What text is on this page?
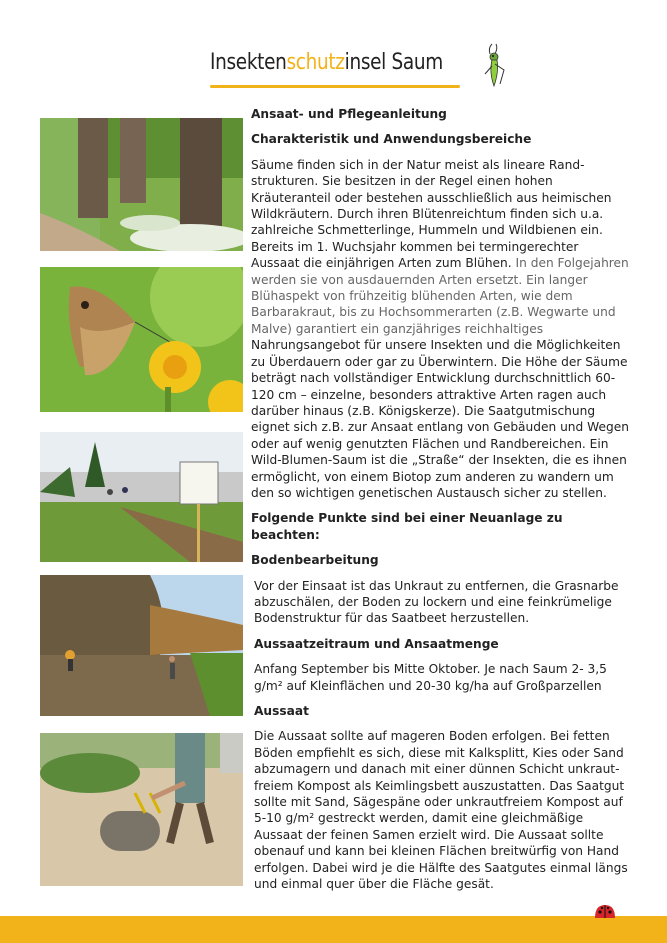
Insektenschutzinsel Saum

Ansaat- und Pflegeanleitung

Charakteristik und Anwendungsbereiche

Säume finden sich in der Natur meist als lineare Randstrukturen. Sie besitzen in der Regel einen hohen Kräuteranteil oder bestehen ausschließlich aus heimischen Wildkräutern. Durch ihren Blütenreichtum finden sich u.a. zahlreiche Schmetterlinge, Hummeln und Wildbienen ein. Bereits im 1. Wuchsjahr kommen bei termingerechter Aussaat die einjährigen Arten zum Blühen. In den Folgejahren werden sie von ausdauernden Arten ersetzt. Ein langer Blühaspekt von frühzeitig blühenden Arten, wie dem Barbarakraut, bis zu Hochsommerarten (z.B. Wegwarte und Malve) garantiert ein ganzjähriges reichhaltiges Nahrungsangebot für unsere Insekten und die Möglichkeiten zu Überdauern oder gar zu Überwintern. Die Höhe der Säume beträgt nach vollständiger Entwicklung durchschnittlich 60-120 cm – einzelne, besonders attraktive Arten ragen auch darüber hinaus (z.B. Königskerze). Die Saatgutmischung eignet sich z.B. zur Ansaat entlang von Gebäuden und Wegen oder auf wenig genutzten Flächen und Randbereichen. Ein Wild-Blumen-Saum ist die „Straße“ der Insekten, die es ihnen ermöglicht, von einem Biotop zum anderen zu wandern um den so wichtigen genetischen Austausch sicher zu stellen.

Folgende Punkte sind bei einer Neuanlage zu beachten:

Bodenbearbeitung

Vor der Einsaat ist das Unkraut zu entfernen, die Grasnarbe abzuschälen, der Boden zu lockern und eine feinkrümelige Bodenstruktur für das Saatbeet herzustellen.

Aussaatzeitraum und Ansaatmenge

Anfang September bis Mitte Oktober. Je nach Saum 2- 3,5 g/m² auf Kleinflächen und 20-30 kg/ha auf Großparzellen

Aussaat

Die Aussaat sollte auf mageren Boden erfolgen. Bei fetten Böden empfiehlt es sich, diese mit Kalksplitt, Kies oder Sand abzumagern und danach mit einer dünnen Schicht unkrautfreiem Kompost als Keimlingsbett auszustatten. Das Saatgut sollte mit Sand, Sägespäne oder unkrautfreiem Kompost auf 5-10 g/m² gestreckt werden, damit eine gleichmäßige Aussaat der feinen Samen erzielt wird. Die Aussaat sollte obenauf und kann bei kleinen Flächen breitwürfig von Hand erfolgen. Dabei wird je die Hälfte des Saatgutes einmal längs und einmal quer über die Fläche gesät.
